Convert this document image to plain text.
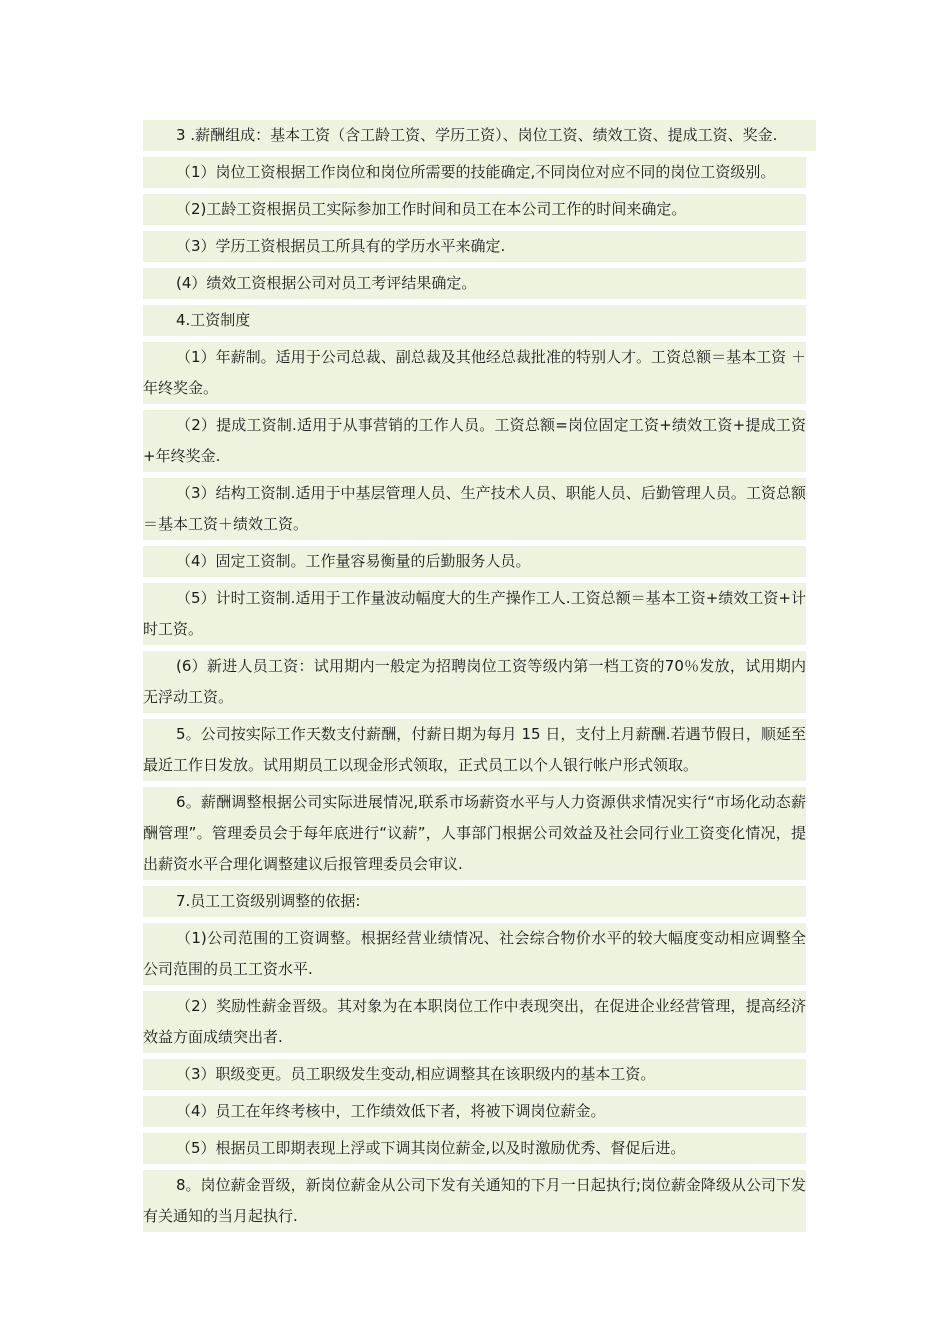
3 .薪酬组成：基本工资（含工龄工资、学历工资）、岗位工资、绩效工资、提成工资、奖金.

（1）岗位工资根据工作岗位和岗位所需要的技能确定,不同岗位对应不同的岗位工资级别。

（2)工龄工资根据员工实际参加工作时间和员工在本公司工作的时间来确定。

（3）学历工资根据员工所具有的学历水平来确定.

(4）绩效工资根据公司对员工考评结果确定。

4.工资制度

（1）年薪制。适用于公司总裁、副总裁及其他经总裁批准的特别人才。工资总额＝基本工资 ＋年终奖金。

（2）提成工资制.适用于从事营销的工作人员。工资总额=岗位固定工资+绩效工资+提成工资+年终奖金.

（3）结构工资制.适用于中基层管理人员、生产技术人员、职能人员、后勤管理人员。工资总额＝基本工资＋绩效工资。

（4）固定工资制。工作量容易衡量的后勤服务人员。

（5）计时工资制.适用于工作量波动幅度大的生产操作工人.工资总额＝基本工资+绩效工资+计时工资。

(6）新进人员工资：试用期内一般定为招聘岗位工资等级内第一档工资的70％发放，试用期内无浮动工资。

5。公司按实际工作天数支付薪酬，付薪日期为每月 15 日，支付上月薪酬.若遇节假日，顺延至最近工作日发放。试用期员工以现金形式领取，正式员工以个人银行帐户形式领取。

6。薪酬调整根据公司实际进展情况,联系市场薪资水平与人力资源供求情况实行“市场化动态薪酬管理”。管理委员会于每年底进行“议薪”，人事部门根据公司效益及社会同行业工资变化情况，提出薪资水平合理化调整建议后报管理委员会审议.

7.员工工资级别调整的依据:

（1)公司范围的工资调整。根据经营业绩情况、社会综合物价水平的较大幅度变动相应调整全公司范围的员工工资水平.

（2）奖励性薪金晋级。其对象为在本职岗位工作中表现突出，在促进企业经营管理，提高经济效益方面成绩突出者.

（3）职级变更。员工职级发生变动,相应调整其在该职级内的基本工资。

（4）员工在年终考核中，工作绩效低下者，将被下调岗位薪金。

（5）根据员工即期表现上浮或下调其岗位薪金,以及时激励优秀、督促后进。

8。岗位薪金晋级，新岗位薪金从公司下发有关通知的下月一日起执行;岗位薪金降级从公司下发有关通知的当月起执行.
